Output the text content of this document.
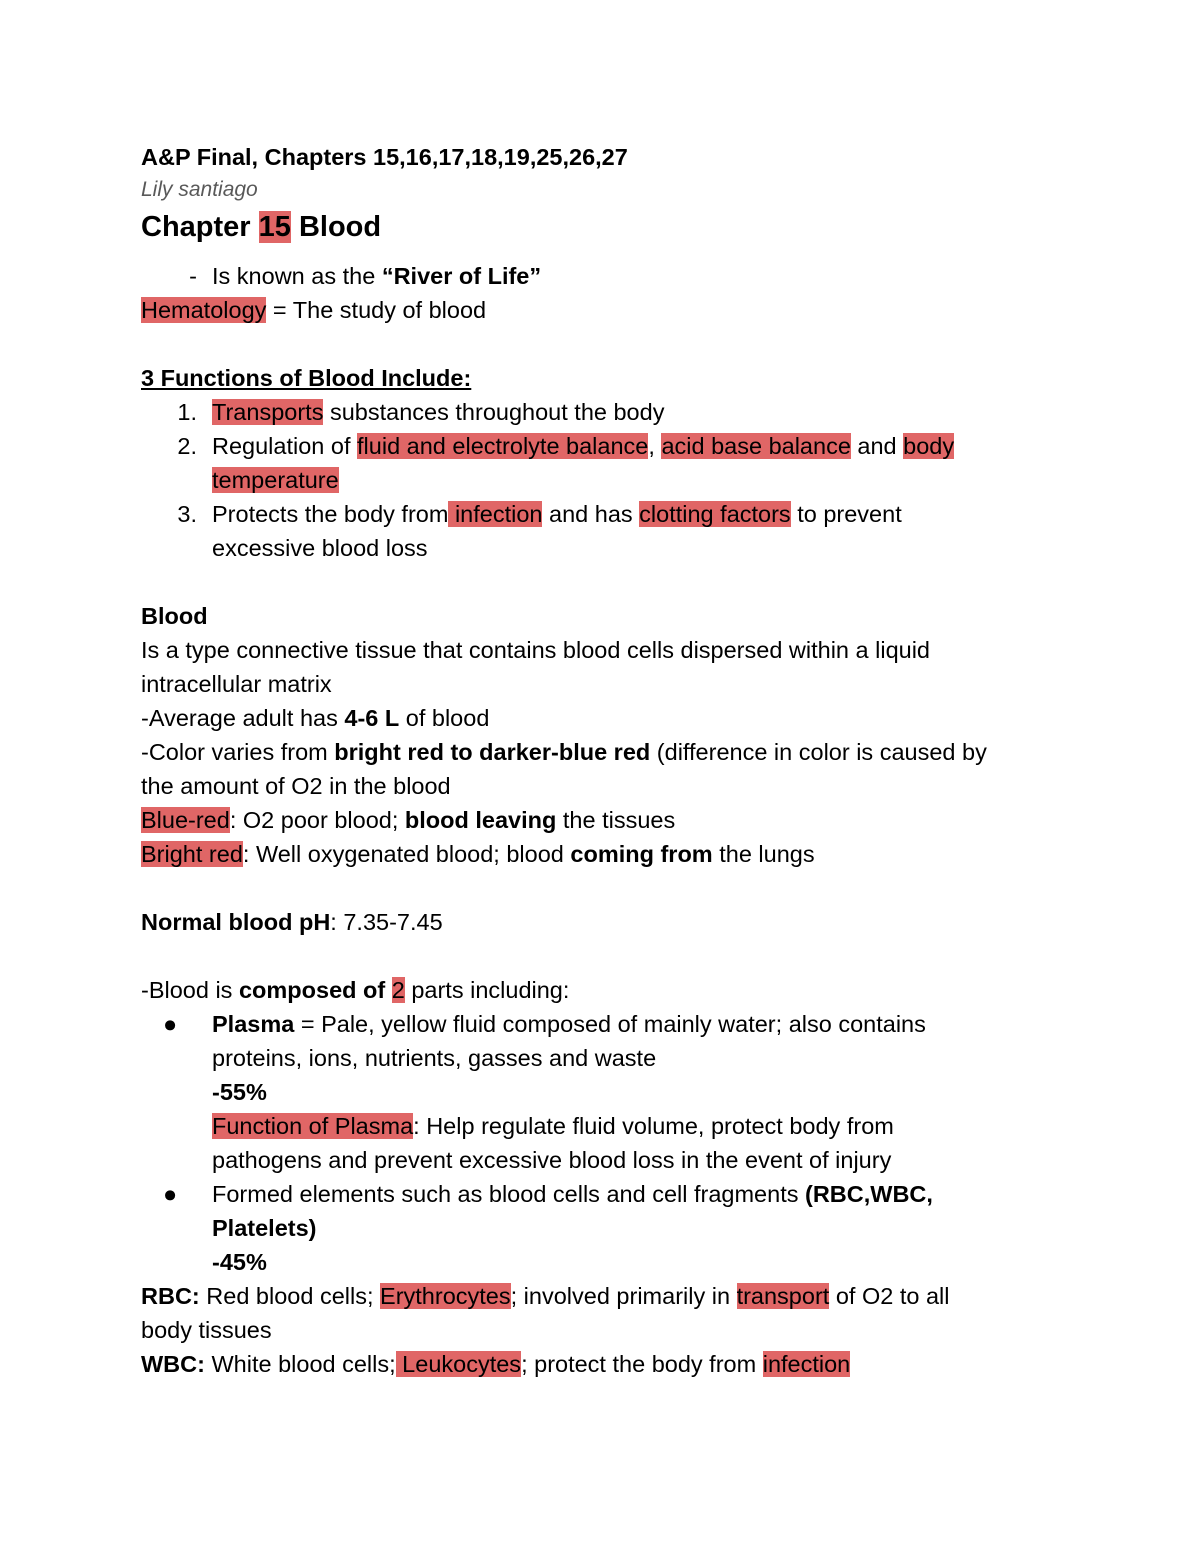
A&P Final, Chapters 15,16,17,18,19,25,26,27
Lily santiago
Chapter 15 Blood
- Is known as the “River of Life”
Hematology = The study of blood
3 Functions of Blood Include:
1. Transports substances throughout the body
2. Regulation of fluid and electrolyte balance, acid base balance and body
temperature
3. Protects the body from infection and has clotting factors to prevent
excessive blood loss
Blood
Is a type connective tissue that contains blood cells dispersed within a liquid
intracellular matrix
-Average adult has 4-6 L of blood
-Color varies from bright red to darker-blue red (difference in color is caused by
the amount of O2 in the blood
Blue-red: O2 poor blood; blood leaving the tissues
Bright red: Well oxygenated blood; blood coming from the lungs
Normal blood pH: 7.35-7.45
-Blood is composed of 2 parts including:
● Plasma = Pale, yellow fluid composed of mainly water; also contains
proteins, ions, nutrients, gasses and waste
-55%
Function of Plasma: Help regulate fluid volume, protect body from
pathogens and prevent excessive blood loss in the event of injury
● Formed elements such as blood cells and cell fragments (RBC,WBC,
Platelets)
-45%
RBC: Red blood cells; Erythrocytes; involved primarily in transport of O2 to all
body tissues
WBC: White blood cells; Leukocytes; protect the body from infection
